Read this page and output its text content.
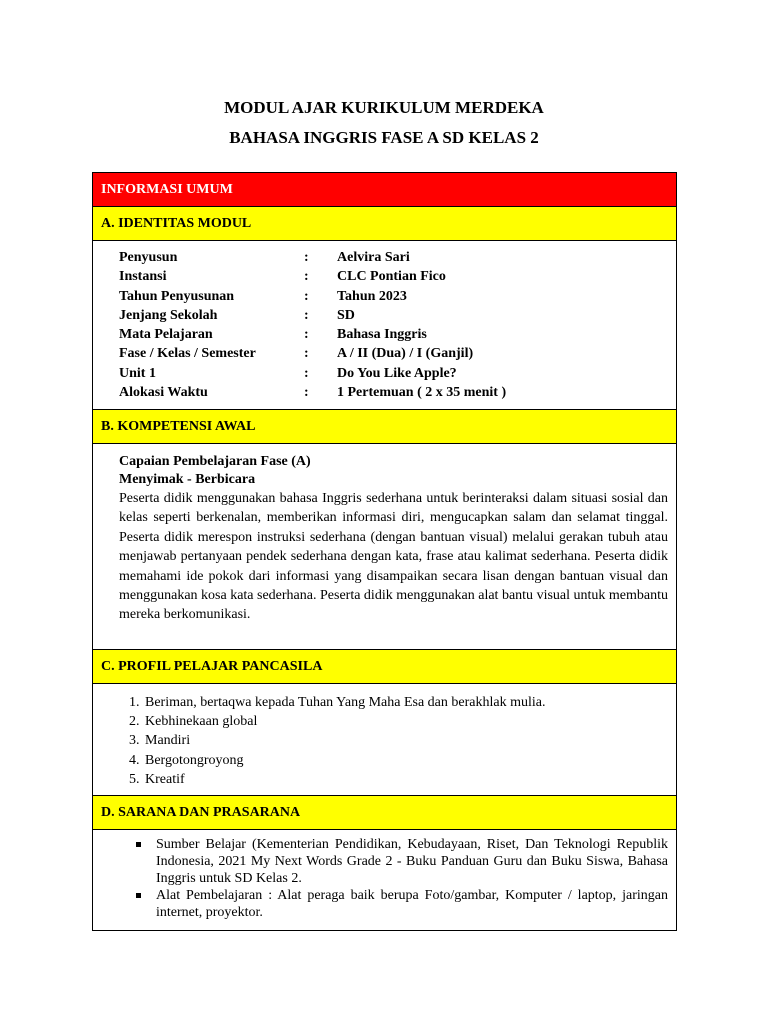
MODUL AJAR KURIKULUM MERDEKA
BAHASA INGGRIS FASE A SD KELAS 2
INFORMASI UMUM
A. IDENTITAS MODUL
Penyusun	:	Aelvira Sari
Instansi	:	CLC Pontian Fico
Tahun Penyusunan	:	Tahun 2023
Jenjang Sekolah	:	SD
Mata Pelajaran	:	Bahasa Inggris
Fase / Kelas / Semester	:	A / II (Dua) / I (Ganjil)
Unit 1	:	Do You Like Apple?
Alokasi Waktu	:	1 Pertemuan ( 2 x 35 menit )
B. KOMPETENSI AWAL
Capaian Pembelajaran Fase (A)
Menyimak - Berbicara

Peserta didik menggunakan bahasa Inggris sederhana untuk berinteraksi dalam situasi sosial dan kelas seperti berkenalan, memberikan informasi diri, mengucapkan salam dan selamat tinggal. Peserta didik merespon instruksi sederhana (dengan bantuan visual) melalui gerakan tubuh atau menjawab pertanyaan pendek sederhana dengan kata, frase atau kalimat sederhana. Peserta didik memahami ide pokok dari informasi yang disampaikan secara lisan dengan bantuan visual dan menggunakan kosa kata sederhana. Peserta didik menggunakan alat bantu visual untuk membantu mereka berkomunikasi.

C. PROFIL PELAJAR PANCASILA
1. Beriman, bertaqwa kepada Tuhan Yang Maha Esa dan berakhlak mulia.
2. Kebhinekaan global
3. Mandiri
4. Bergotongroyong
5. Kreatif
D. SARANA DAN PRASARANA
Sumber Belajar (Kementerian Pendidikan, Kebudayaan, Riset, Dan Teknologi Republik Indonesia, 2021 My Next Words Grade 2 - Buku Panduan Guru dan Buku Siswa, Bahasa Inggris untuk SD Kelas 2.
Alat Pembelajaran : Alat peraga baik berupa Foto/gambar, Komputer / laptop, jaringan internet, proyektor.
